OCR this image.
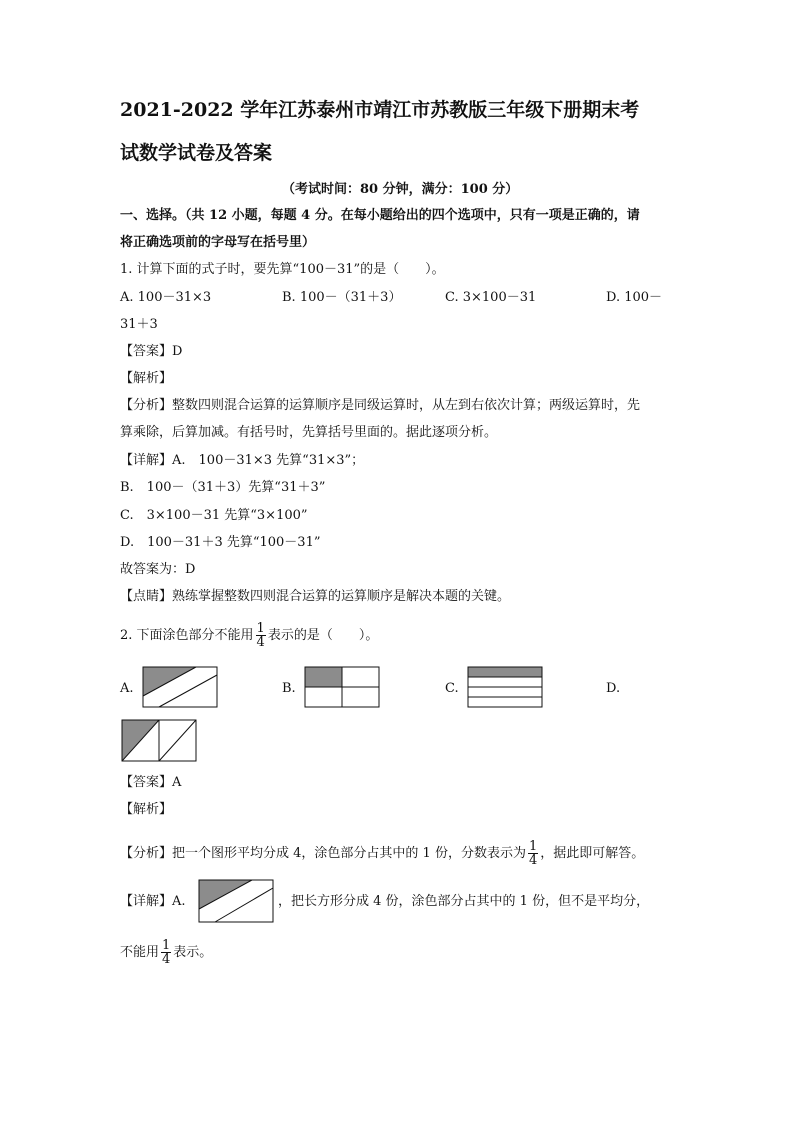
2021-2022 学年江苏泰州市靖江市苏教版三年级下册期末考
试数学试卷及答案
（考试时间：80 分钟，满分：100 分）
一、选择。（共 12 小题，每题 4 分。在每小题给出的四个选项中，只有一项是正确的，请
将正确选项前的字母写在括号里）
1. 计算下面的式子时，要先算“100－31”的是（　　）。
A. 100－31×3	B. 100－（31＋3）	C. 3×100－31	D. 100－
31＋3
【答案】D
【解析】
【分析】整数四则混合运算的运算顺序是同级运算时，从左到右依次计算；两级运算时，先
算乘除，后算加减。有括号时，先算括号里面的。据此逐项分析。
【详解】A.　100－31×3 先算“31×3”；
B.　100－（31＋3）先算“31＋3”
C.　3×100－31 先算“3×100”
D.　100－31＋3 先算“100－31”
故答案为：D
【点睛】熟练掌握整数四则混合运算的运算顺序是解决本题的关键。
2. 下面涂色部分不能用 $\frac{1}{4}$ 表示的是（　　）。
A.	B.	C.	D.
【答案】A
【解析】
【分析】把一个图形平均分成 4，涂色部分占其中的 1 份，分数表示为 $\frac{1}{4}$ ，据此即可解答。
【详解】A.	，把长方形分成 4 份，涂色部分占其中的 1 份，但不是平均分，
不能用 $\frac{1}{4}$ 表示。
